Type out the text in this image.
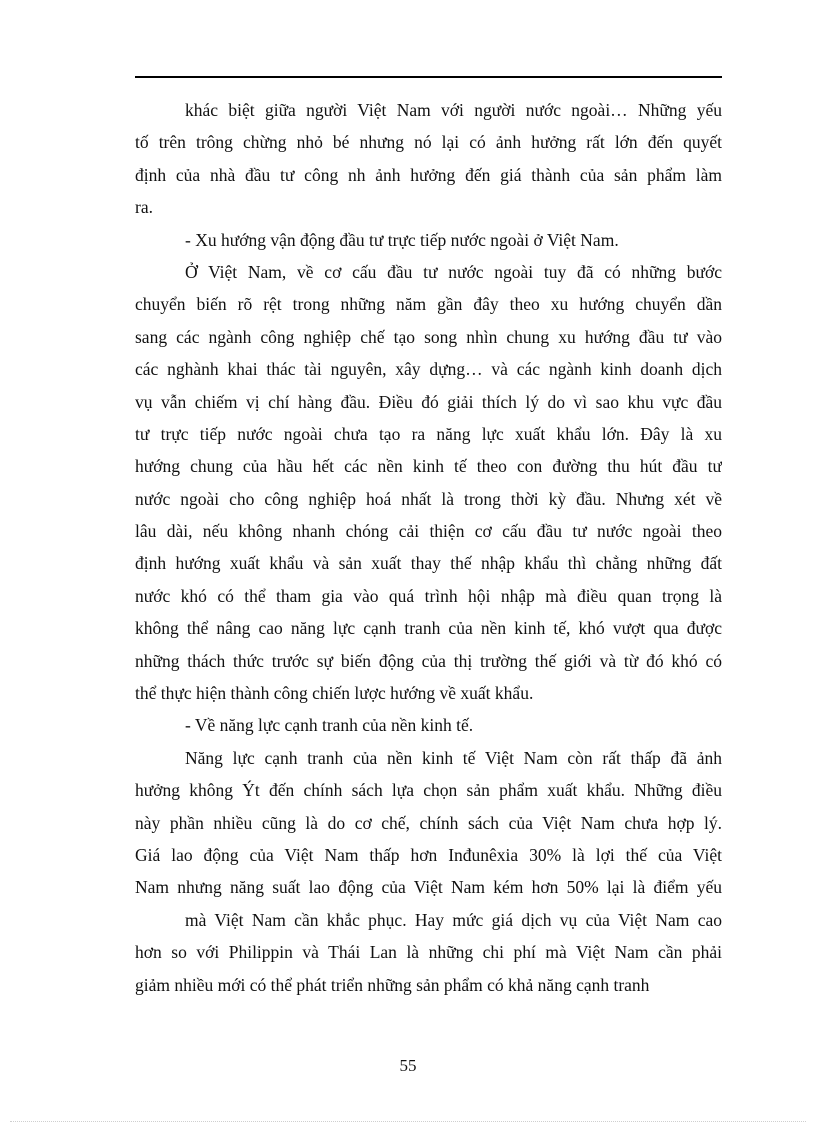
khác biệt giữa người Việt Nam với người nước ngoài… Những yếu
tố trên trông chừng nhỏ bé nhưng nó lại có ảnh hưởng rất lớn đến quyết
định của nhà đầu tư công nh ảnh hưởng đến giá thành của sản phẩm làm
ra.
- Xu hướng vận động đầu tư trực tiếp nước ngoài ở Việt Nam.
Ở Việt Nam, về cơ cấu đầu tư nước ngoài tuy đã có những bước
chuyển biến rõ rệt trong những năm gần đây theo xu hướng chuyển dần
sang các ngành công nghiệp chế tạo song nhìn chung xu hướng đầu tư vào
các nghành khai thác tài nguyên, xây dựng… và các ngành kinh doanh dịch
vụ vẫn chiếm vị chí hàng đầu. Điều đó giải thích lý do vì sao khu vực đầu
tư trực tiếp nước ngoài chưa tạo ra năng lực xuất khẩu lớn. Đây là xu
hướng chung của hầu hết các nền kinh tế theo con đường thu hút đầu tư
nước ngoài cho công nghiệp hoá nhất là trong thời kỳ đầu. Nhưng xét về
lâu dài, nếu không nhanh chóng cải thiện cơ cấu đầu tư nước ngoài theo
định hướng xuất khẩu và sản xuất thay thế nhập khẩu thì chẳng những đất
nước khó có thể tham gia vào quá trình hội nhập mà điều quan trọng là
không thể nâng cao năng lực cạnh tranh của nền kinh tế, khó vượt qua được
những thách thức trước sự biến động của thị trường thế giới và từ đó khó có
thể thực hiện thành công chiến lược hướng về xuất khẩu.
- Về năng lực cạnh tranh của nền kinh tế.
Năng lực cạnh tranh của nền kinh tế Việt Nam còn rất thấp đã ảnh
hưởng không Ýt đến chính sách lựa chọn sản phẩm xuất khẩu. Những điều
này phần nhiều cũng là do cơ chế, chính sách của Việt Nam chưa hợp lý.
Giá lao động của Việt Nam thấp hơn Inđunêxia 30% là lợi thế của Việt
Nam nhưng năng suất lao động của Việt Nam kém hơn 50% lại là điểm yếu
mà Việt Nam cần khắc phục. Hay mức giá dịch vụ của Việt Nam cao
hơn so với Philippin và Thái Lan là những chi phí mà Việt Nam cần phải
giảm nhiều mới có thể phát triển những sản phẩm có khả năng cạnh tranh
55
